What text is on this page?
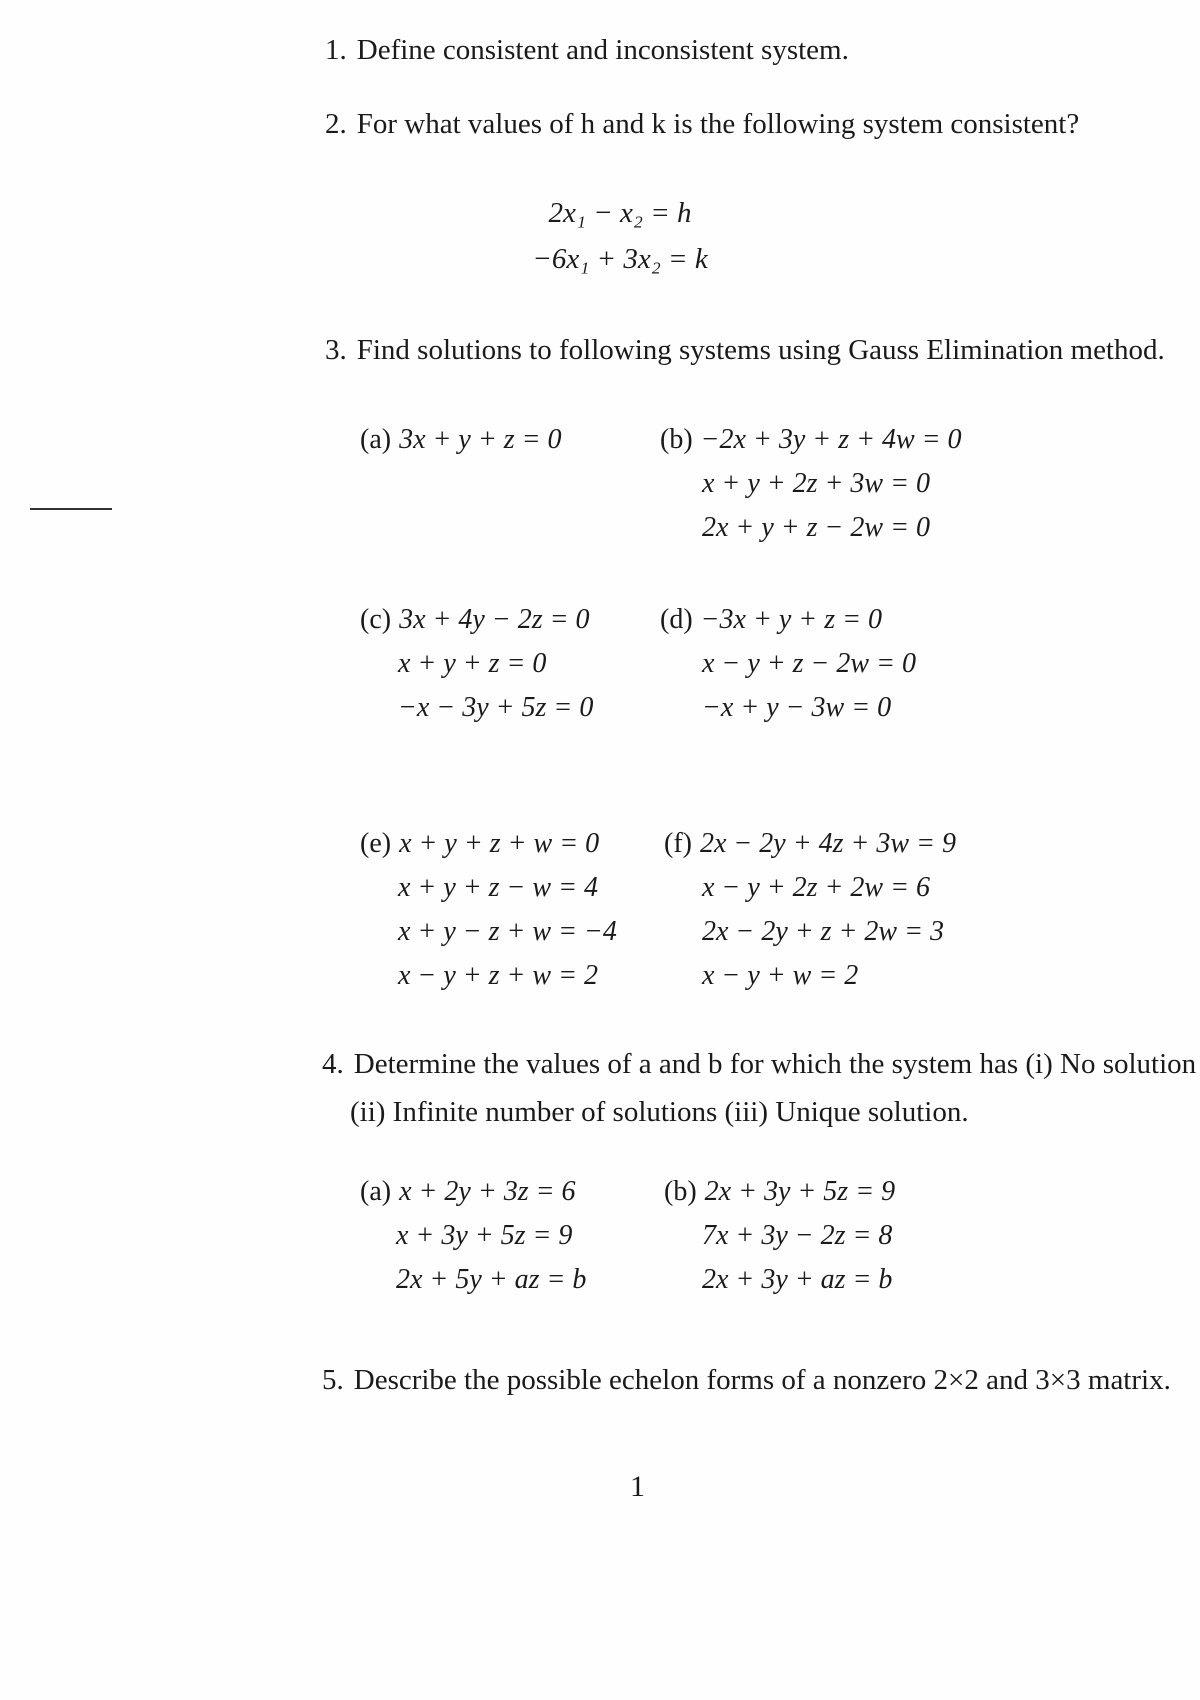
1. Define consistent and inconsistent system.
2. For what values of h and k is the following system consistent?
2x₁ − x₂ = h
−6x₁ + 3x₂ = k
3. Find solutions to following systems using Gauss Elimination method.
(a) 3x + y + z = 0	(b) −2x + 3y + z + 4w = 0
x + y + 2z + 3w = 0
2x + y + z − 2w = 0
(c) 3x + 4y − 2z = 0
x + y + z = 0
−x − 3y + 5z = 0
(d) −3x + y + z = 0
x − y + z − 2w = 0
−x + y − 3w = 0
(e) x + y + z + w = 0
x + y + z − w = 4
x + y − z + w = −4
x − y + z + w = 2
(f) 2x − 2y + 4z + 3w = 9
x − y + 2z + 2w = 6
2x − 2y + z + 2w = 3
x − y + w = 2
4. Determine the values of a and b for which the system has (i) No solution
(ii) Infinite number of solutions (iii) Unique solution.
(a) x + 2y + 3z = 6
x + 3y + 5z = 9
2x + 5y + az = b
(b) 2x + 3y + 5z = 9
7x + 3y − 2z = 8
2x + 3y + az = b
5. Describe the possible echelon forms of a nonzero 2×2 and 3×3 matrix.
1
